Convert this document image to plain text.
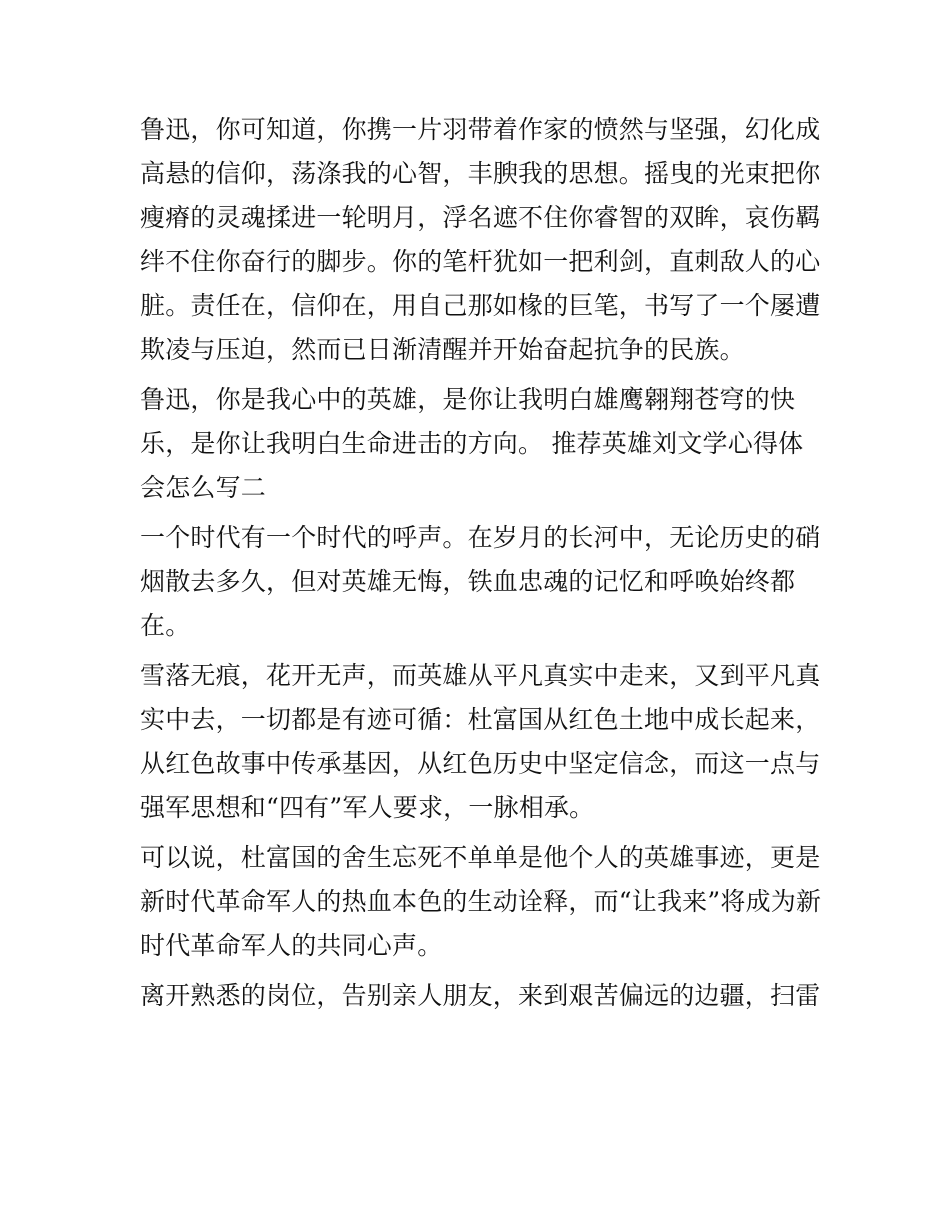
鲁迅，你可知道，你携一片羽带着作家的愤然与坚强，幻化成
高悬的信仰，荡涤我的心智，丰腴我的思想。摇曳的光束把你
瘦瘠的灵魂揉进一轮明月，浮名遮不住你睿智的双眸，哀伤羁
绊不住你奋行的脚步。你的笔杆犹如一把利剑，直刺敌人的心
脏。责任在，信仰在，用自己那如椽的巨笔，书写了一个屡遭
欺凌与压迫，然而已日渐清醒并开始奋起抗争的民族。
鲁迅，你是我心中的英雄，是你让我明白雄鹰翱翔苍穹的快
乐，是你让我明白生命进击的方向。 推荐英雄刘文学心得体
会怎么写二
一个时代有一个时代的呼声。在岁月的长河中，无论历史的硝
烟散去多久，但对英雄无悔，铁血忠魂的记忆和呼唤始终都
在。
雪落无痕，花开无声，而英雄从平凡真实中走来，又到平凡真
实中去，一切都是有迹可循：杜富国从红色土地中成长起来，
从红色故事中传承基因，从红色历史中坚定信念，而这一点与
强军思想和“四有”军人要求，一脉相承。
可以说，杜富国的舍生忘死不单单是他个人的英雄事迹，更是
新时代革命军人的热血本色的生动诠释，而“让我来”将成为新
时代革命军人的共同心声。
离开熟悉的岗位，告别亲人朋友，来到艰苦偏远的边疆，扫雷
